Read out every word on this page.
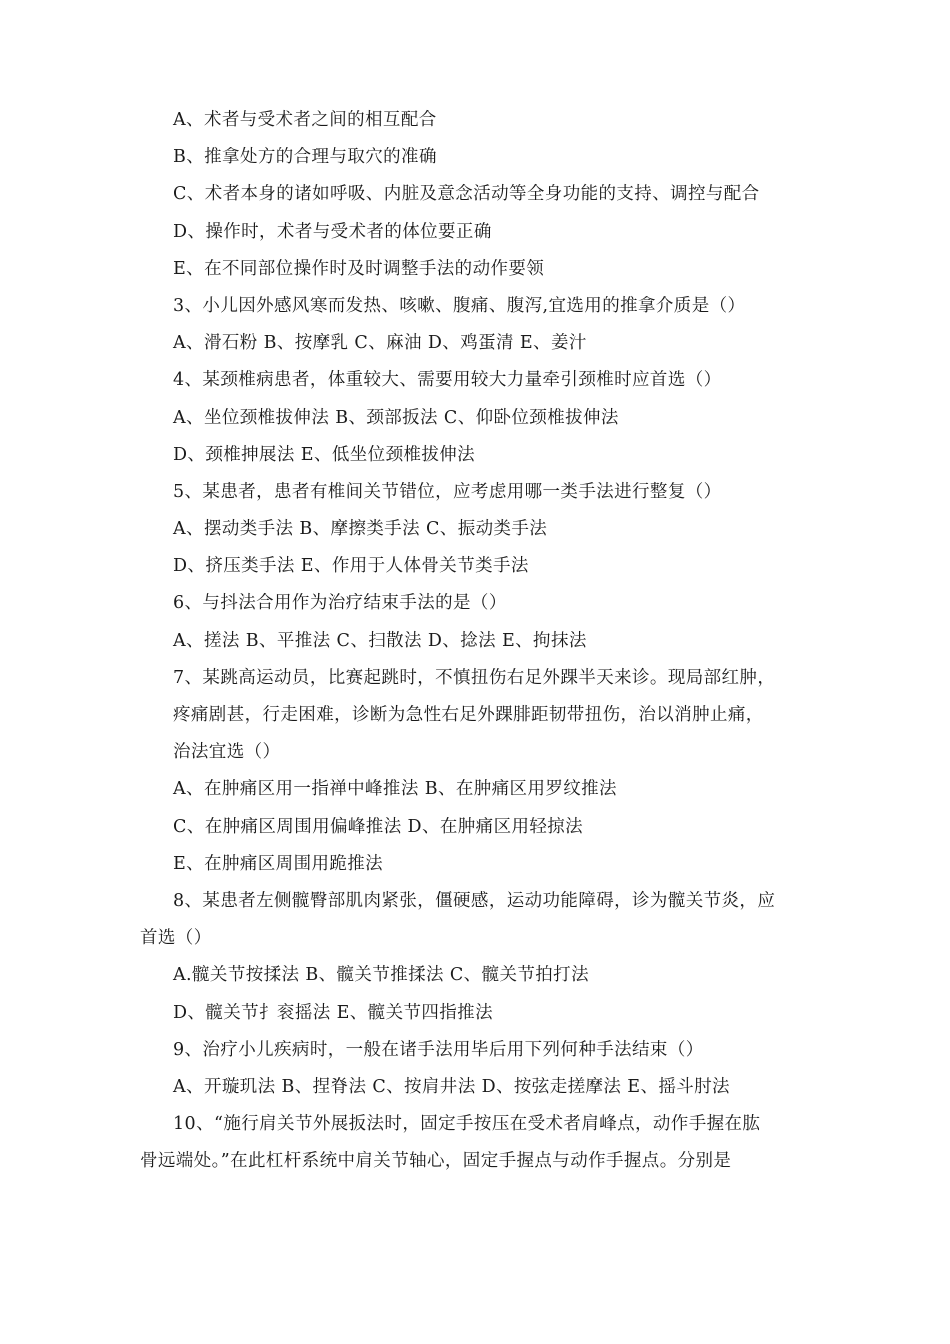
A、术者与受术者之间的相互配合
B、推拿处方的合理与取穴的准确
C、术者本身的诸如呼吸、内脏及意念活动等全身功能的支持、调控与配合
D、操作时，术者与受术者的体位要正确
E、在不同部位操作时及时调整手法的动作要领
3、小儿因外感风寒而发热、咳嗽、腹痛、腹泻,宜选用的推拿介质是（）
A、滑石粉 B、按摩乳 C、麻油 D、鸡蛋清 E、姜汁
4、某颈椎病患者，体重较大、需要用较大力量牵引颈椎时应首选（）
A、坐位颈椎拔伸法 B、颈部扳法 C、仰卧位颈椎拔伸法
D、颈椎抻展法 E、低坐位颈椎拔伸法
5、某患者，患者有椎间关节错位，应考虑用哪一类手法进行整复（）
A、摆动类手法 B、摩擦类手法 C、振动类手法
D、挤压类手法 E、作用于人体骨关节类手法
6、与抖法合用作为治疗结束手法的是（）
A、搓法 B、平推法 C、扫散法 D、捻法 E、拘抹法
7、某跳高运动员，比赛起跳时，不慎扭伤右足外踝半天来诊。现局部红肿，
疼痛剧甚，行走困难，诊断为急性右足外踝腓距韧带扭伤，治以消肿止痛，
治法宜选（）
A、在肿痛区用一指禅中峰推法 B、在肿痛区用罗纹推法
C、在肿痛区周围用偏峰推法 D、在肿痛区用轻掠法
E、在肿痛区周围用跪推法
8、某患者左侧髋臀部肌肉紧张，僵硬感，运动功能障碍，诊为髋关节炎，应
首选（）
A.髋关节按揉法 B、髋关节推揉法 C、髋关节拍打法
D、髋关节扌衮摇法 E、髋关节四指推法
9、治疗小儿疾病时，一般在诸手法用毕后用下列何种手法结束（）
A、开璇玑法 B、捏脊法 C、按肩井法 D、按弦走搓摩法 E、摇斗肘法
10、“施行肩关节外展扳法时，固定手按压在受术者肩峰点，动作手握在肱
骨远端处。”在此杠杆系统中肩关节轴心，固定手握点与动作手握点。分别是
